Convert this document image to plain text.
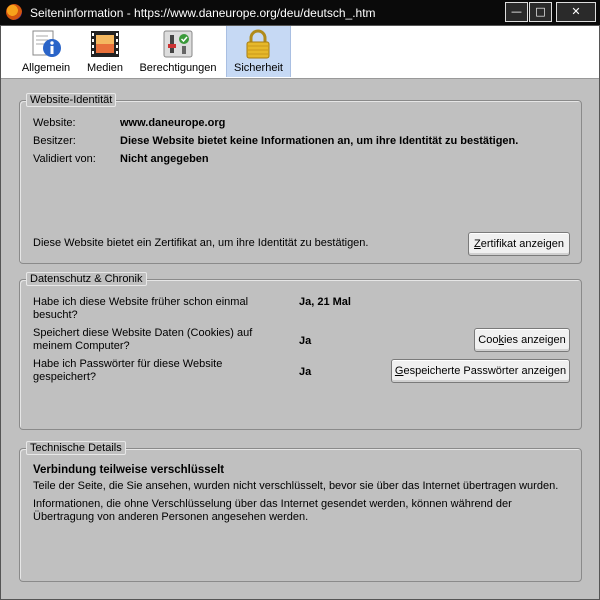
Seiteninformation - https://www.daneurope.org/deu/deutsch_.htm	—	□	✕
Allgemein Medien Berechtigungen	Sicherheit
Website-Identität
Website:	www.daneurope.org
Besitzer:	Diese Website bietet keine Informationen an, um ihre Identität zu bestätigen.
Validiert von: Nicht angegeben
Diese Website bietet ein Zertifikat an, um ihre Identität zu bestätigen.	Zertifikat anzeigen
Datenschutz & Chronik
Habe ich diese Website früher schon einmal
besucht?
Ja, 21 Mal
Speichert diese Website Daten (Cookies) auf
meinem Computer?	Ja	Cookies anzeigen
Habe ich Passwörter für diese Website
gespeichert?	Ja	Gespeicherte Passwörter anzeigen
Technische Details
Verbindung teilweise verschlüsselt
Teile der Seite, die Sie ansehen, wurden nicht verschlüsselt, bevor sie über das Internet übertragen wurden.
Informationen, die ohne Verschlüsselung über das Internet gesendet werden, können während der
Übertragung von anderen Personen angesehen werden.
